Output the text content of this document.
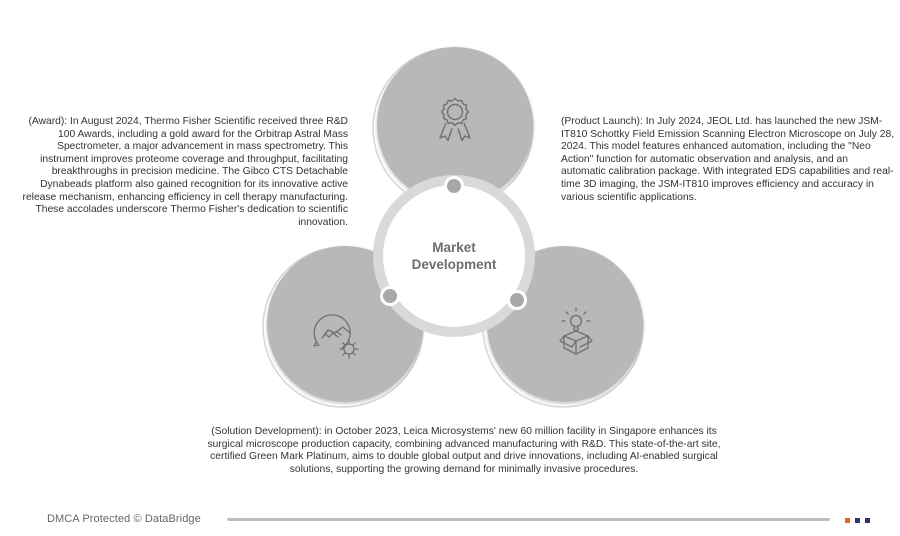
Market
Development
(Award): In August 2024, Thermo Fisher Scientific received three R&D 100 Awards, including a gold award for the Orbitrap Astral Mass Spectrometer, a major advancement in mass spectrometry. This instrument improves proteome coverage and throughput, facilitating breakthroughs in precision medicine. The Gibco CTS Detachable Dynabeads platform also gained recognition for its innovative active release mechanism, enhancing efficiency in cell therapy manufacturing. These accolades underscore Thermo Fisher's dedication to scientific innovation.
(Product Launch): In July 2024, JEOL Ltd. has launched the new JSM-IT810 Schottky Field Emission Scanning Electron Microscope on July 28, 2024. This model features enhanced automation, including the "Neo Action" function for automatic observation and analysis, and an automatic calibration package. With integrated EDS capabilities and real-time 3D imaging, the JSM-IT810 improves efficiency and accuracy in various scientific applications.
(Solution Development): in October 2023, Leica Microsystems' new 60 million facility in Singapore enhances its surgical microscope production capacity, combining advanced manufacturing with R&D. This state-of-the-art site, certified Green Mark Platinum, aims to double global output and drive innovations, including AI-enabled surgical solutions, supporting the growing demand for minimally invasive procedures.
DMCA Protected © DataBridge
